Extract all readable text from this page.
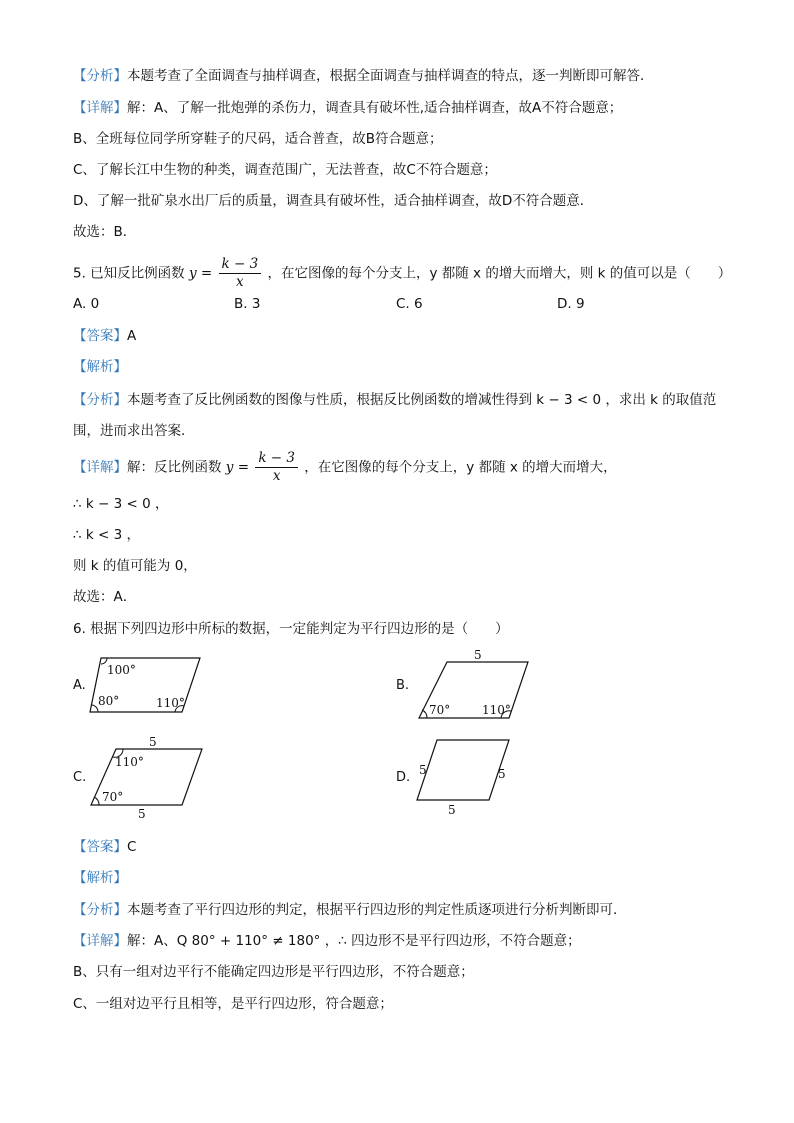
【分析】本题考查了全面调查与抽样调查，根据全面调查与抽样调查的特点，逐一判断即可解答．
【详解】解：A、了解一批炮弹的杀伤力，调查具有破坏性,适合抽样调查，故A不符合题意；
B、全班每位同学所穿鞋子的尺码，适合普查，故B符合题意；
C、了解长江中生物的种类，调查范围广，无法普查，故C不符合题意；
D、了解一批矿泉水出厂后的质量，调查具有破坏性，适合抽样调查，故D不符合题意．
故选：B．
5. 已知反比例函数 $y = \frac{k - 3}{x}$ ，在它图像的每个分支上，y 都随 x 的增大而增大，则 k 的值可以是（　　）
A. 0	B. 3	C. 6	D. 9
【答案】A
【解析】
【分析】本题考查了反比例函数的图像与性质，根据反比例函数的增减性得到 k − 3 < 0 ，求出 k 的取值范
围，进而求出答案．
【详解】解：反比例函数 $y = \frac{k - 3}{x}$ ，在它图像的每个分支上，y 都随 x 的增大而增大，
∴ k − 3 < 0 ，
∴ k < 3 ，
则 k 的值可能为 0，
故选：A．
6. 根据下列四边形中所标的数据，一定能判定为平行四边形的是（　　）
A.
100°
80°	110°
B.
5
70°	110°
C.
5
110°
70°
5
D. 5	5
5
【答案】C
【解析】
【分析】本题考查了平行四边形的判定，根据平行四边形的判定性质逐项进行分析判断即可．
【详解】解：A、Q 80° + 110° ≠ 180° ，∴ 四边形不是平行四边形，不符合题意；
B、只有一组对边平行不能确定四边形是平行四边形，不符合题意；
C、一组对边平行且相等，是平行四边形，符合题意；
